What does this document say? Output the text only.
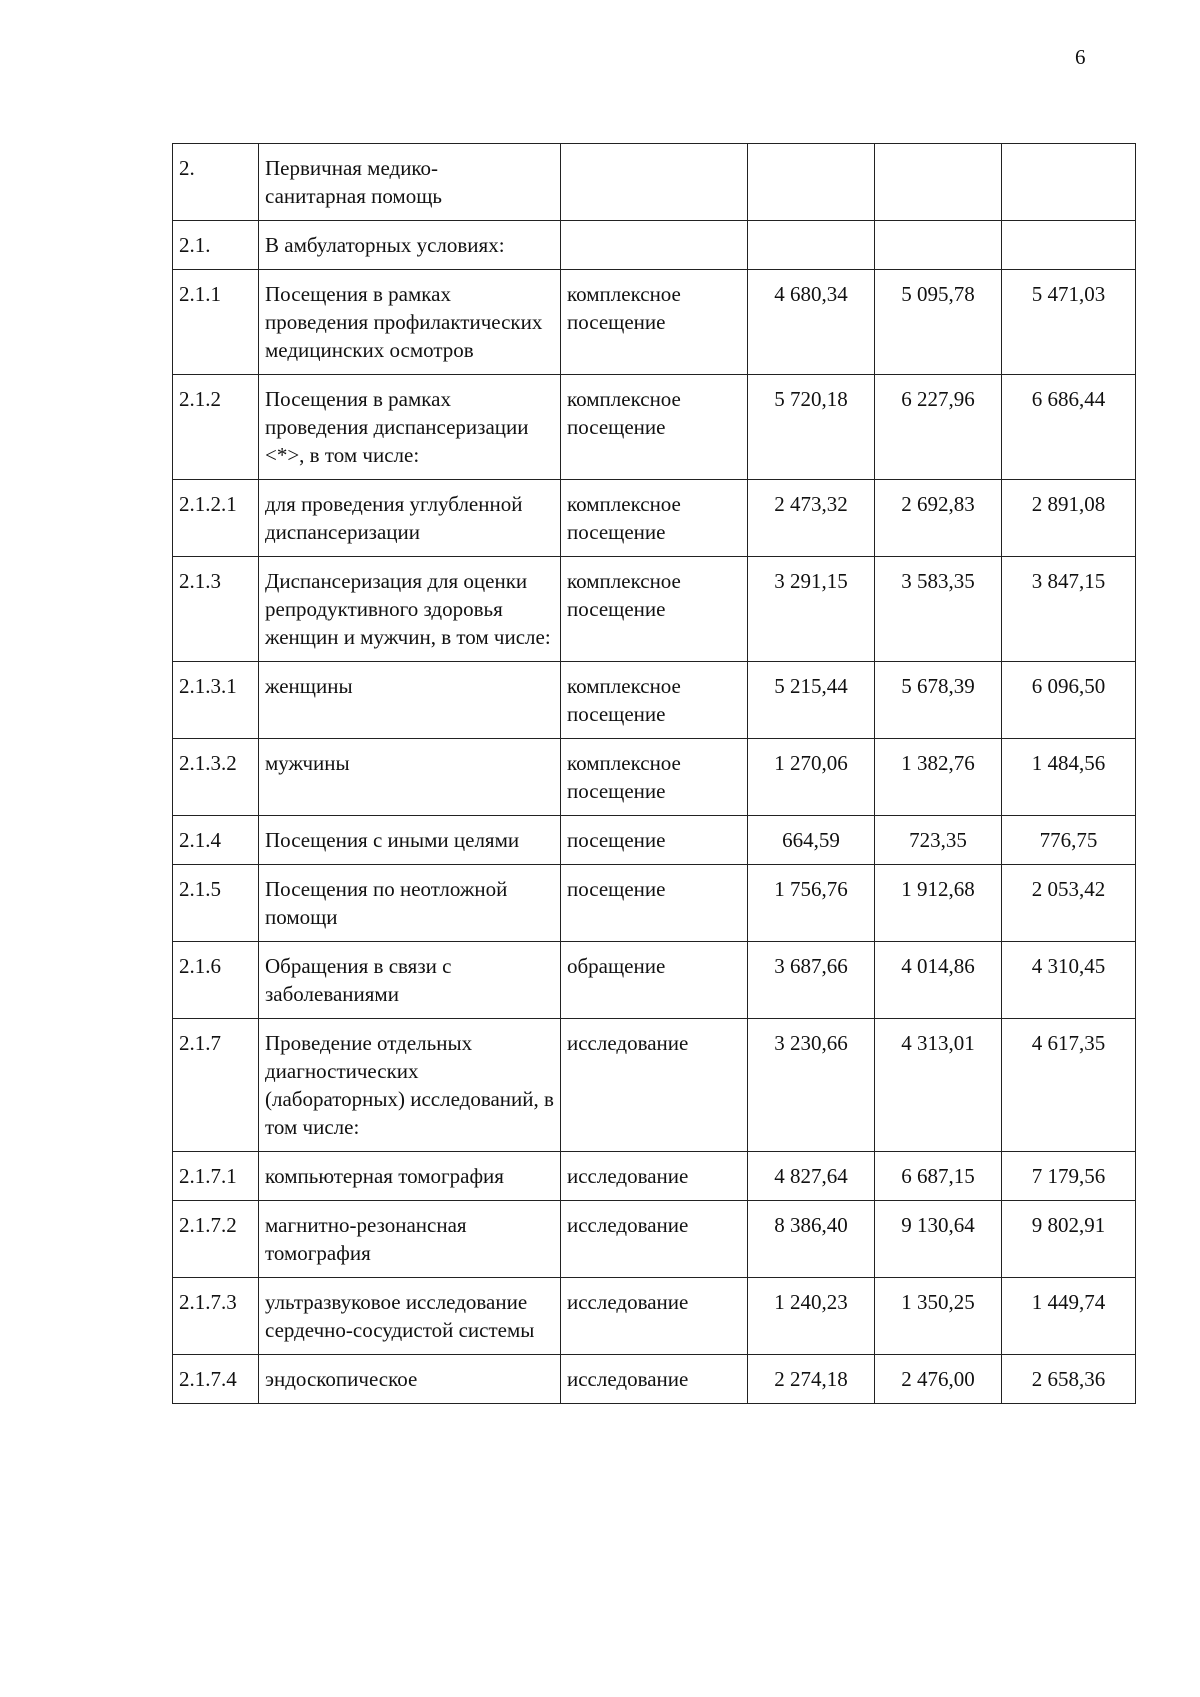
6
2.	Первичная медико-
санитарная помощь				
2.1.	В амбулаторных условиях:				
2.1.1	Посещения в рамках проведения профилактических медицинских осмотров	комплексное посещение	4 680,34	5 095,78	5 471,03
2.1.2	Посещения в рамках проведения диспансеризации <*>, в том числе:	комплексное посещение	5 720,18	6 227,96	6 686,44
2.1.2.1	для проведения углубленной диспансеризации	комплексное посещение	2 473,32	2 692,83	2 891,08
2.1.3	Диспансеризация для оценки репродуктивного здоровья женщин и мужчин, в том числе:	комплексное посещение	3 291,15	3 583,35	3 847,15
2.1.3.1	женщины	комплексное посещение	5 215,44	5 678,39	6 096,50
2.1.3.2	мужчины	комплексное посещение	1 270,06	1 382,76	1 484,56
2.1.4	Посещения с иными целями	посещение	664,59	723,35	776,75
2.1.5	Посещения по неотложной помощи	посещение	1 756,76	1 912,68	2 053,42
2.1.6	Обращения в связи с заболеваниями	обращение	3 687,66	4 014,86	4 310,45
2.1.7	Проведение отдельных диагностических (лабораторных) исследований, в том числе:	исследование	3 230,66	4 313,01	4 617,35
2.1.7.1	компьютерная томография	исследование	4 827,64	6 687,15	7 179,56
2.1.7.2	магнитно-резонансная томография	исследование	8 386,40	9 130,64	9 802,91
2.1.7.3	ультразвуковое исследование сердечно-сосудистой системы	исследование	1 240,23	1 350,25	1 449,74
2.1.7.4	эндоскопическое	исследование	2 274,18	2 476,00	2 658,36
